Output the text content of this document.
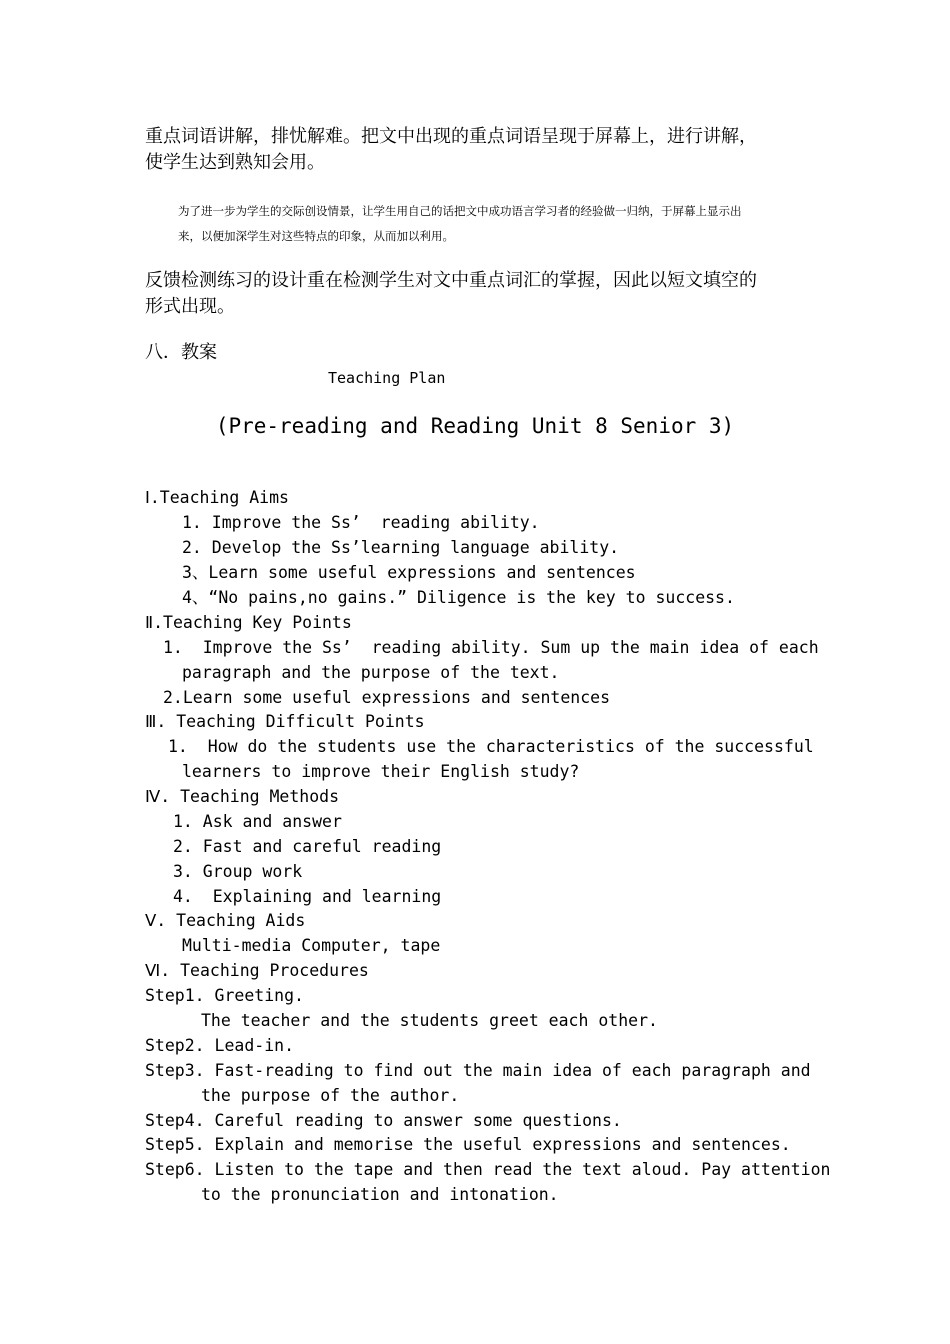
重点词语讲解，排忧解难。把文中出现的重点词语呈现于屏幕上，进行讲解，
使学生达到熟知会用。
为了进一步为学生的交际创设情景，让学生用自己的话把文中成功语言学习者的经验做一归纳，于屏幕上显示出
来，以便加深学生对这些特点的印象，从而加以利用。
反馈检测练习的设计重在检测学生对文中重点词汇的掌握，因此以短文填空的
形式出现。
八．教案
Teaching Plan
(Pre-reading and Reading Unit 8 Senior 3)
Ⅰ.Teaching Aims
1. Improve the Ss’  reading ability.
2. Develop the Ss’learning language ability.
3、Learn some useful expressions and sentences
4、“No pains,no gains.” Diligence is the key to success.
Ⅱ.Teaching Key Points
1.  Improve the Ss’  reading ability. Sum up the main idea of each
paragraph and the purpose of the text.
2.Learn some useful expressions and sentences
Ⅲ. Teaching Difficult Points
1.  How do the students use the characteristics of the successful
learners to improve their English study?
Ⅳ. Teaching Methods
1. Ask and answer
2. Fast and careful reading
3. Group work
4.  Explaining and learning
Ⅴ. Teaching Aids
Multi-media Computer, tape
Ⅵ. Teaching Procedures
Step1. Greeting.
The teacher and the students greet each other.
Step2. Lead-in.
Step3. Fast-reading to find out the main idea of each paragraph and
the purpose of the author.
Step4. Careful reading to answer some questions.
Step5. Explain and memorise the useful expressions and sentences.
Step6. Listen to the tape and then read the text aloud. Pay attention
to the pronunciation and intonation.
